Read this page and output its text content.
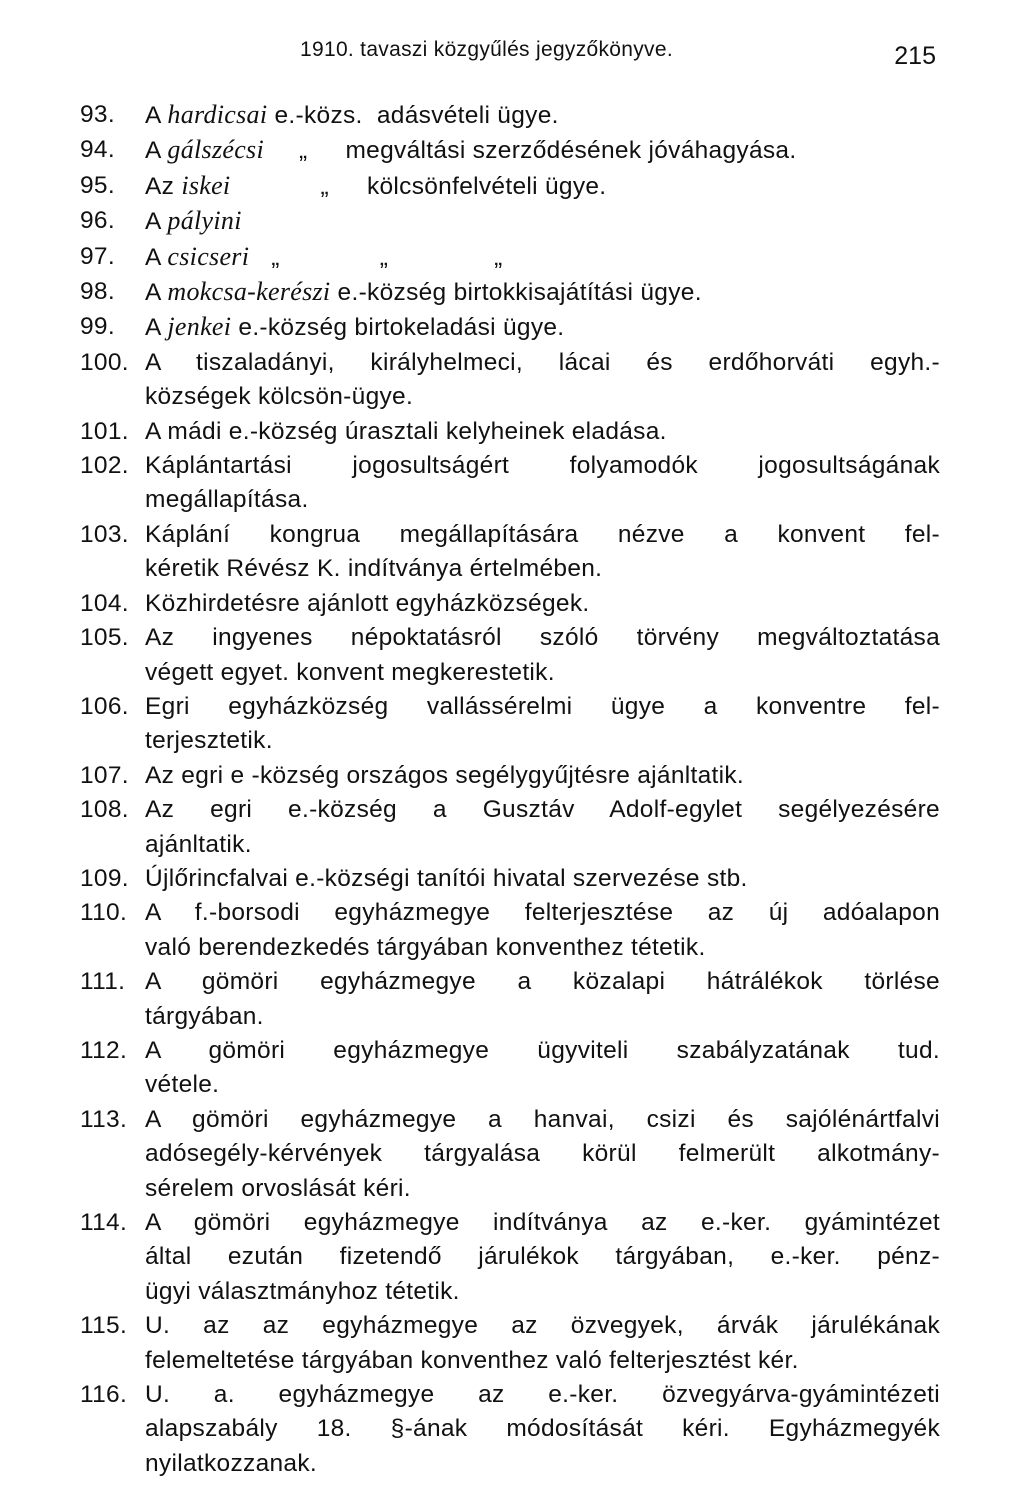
1910. tavaszi közgyűlés jegyzőkönyve.	215
93.	A hardicsai e.-közs.  adásvételi ügye.
94.	A gálszécsi „ megváltási szerződésének jóváhagyása.
95.	Az iskei	„ kölcsönfelvételi ügye.
96.	A pályini
97.	A csicseri „	„	„
98.	A mokcsa-kerészi e.-község birtokkisajátítási ügye.
99.	A jenkei e.-község birtokeladási ügye.
100. A tiszaladányi, királyhelmeci, lácai és erdőhorváti egyh.-
községek kölcsön-ügye.
101. A mádi e.-község úrasztali kelyheinek eladása.
102. Káplántartási jogosultságért folyamodók jogosultságának
megállapítása.
103. Káplání kongrua megállapítására nézve a konvent fel-
kéretik Révész K. indítványa értelmében.
104. Közhirdetésre ajánlott egyházközségek.
105. Az ingyenes népoktatásról szóló törvény megváltoztatása
végett egyet. konvent megkerestetik.
106. Egri egyházközség vallássérelmi ügye a konventre fel-
terjesztetik.
107. Az egri e -község országos segélygyűjtésre ajánltatik.
108. Az egri e.-község a Gusztáv Adolf-egylet segélyezésére
ajánltatik.
109. Újlőrincfalvai e.-községi tanítói hivatal szervezése stb.
110. A f.-borsodi egyházmegye felterjesztése az új adóalapon
való berendezkedés tárgyában konventhez tétetik.
111. A gömöri egyházmegye a közalapi hátrálékok törlése
tárgyában.
112. A gömöri egyházmegye ügyviteli szabályzatának tud.
vétele.
113. A gömöri egyházmegye a hanvai, csizi és sajólénártfalvi
adósegély-kérvények tárgyalása körül felmerült alkotmány-
sérelem orvoslását kéri.
114. A gömöri egyházmegye indítványa az e.-ker. gyámintézet
által ezután fizetendő járulékok tárgyában, e.-ker. pénz-
ügyi választmányhoz tétetik.
115. U. az az egyházmegye az özvegyek, árvák járulékának
felemeltetése tárgyában konventhez való felterjesztést kér.
116. U. a. egyházmegye az e.-ker. özvegyárva-gyámintézeti
alapszabály 18. §-ának módosítását kéri. Egyházmegyék
nyilatkozzanak.
